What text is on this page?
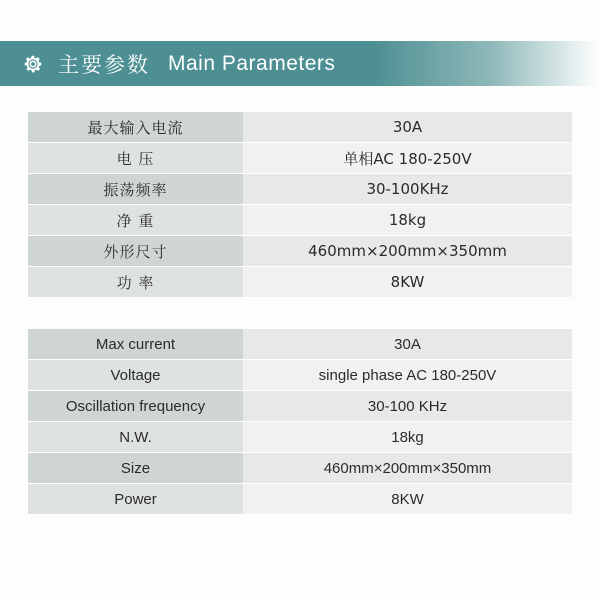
主要参数 Main Parameters
最大输入电流	30A
电 压	单相AC 180-250V
振荡频率	30-100KHz
净 重	18kg
外形尺寸	460mm×200mm×350mm
功 率	8KW
Max current	30A
Voltage	single phase AC 180-250V
Oscillation frequency	30-100 KHz
N.W.	18kg
Size	460mm×200mm×350mm
Power	8KW
